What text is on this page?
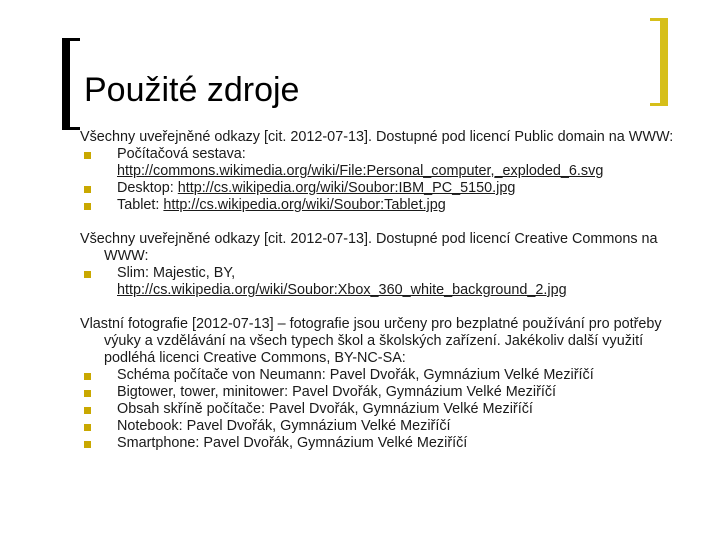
Použité zdroje

Všechny uveřejněné odkazy [cit. 2012-07-13]. Dostupné pod licencí Public domain na WWW:

Počítačová sestava:
http://commons.wikimedia.org/wiki/File:Personal_computer,_exploded_6.svg
Desktop: http://cs.wikipedia.org/wiki/Soubor:IBM_PC_5150.jpg
Tablet: http://cs.wikipedia.org/wiki/Soubor:Tablet.jpg

Všechny uveřejněné odkazy [cit. 2012-07-13]. Dostupné pod licencí Creative Commons na WWW:

Slim: Majestic, BY,
http://cs.wikipedia.org/wiki/Soubor:Xbox_360_white_background_2.jpg

Vlastní fotografie [2012-07-13] – fotografie jsou určeny pro bezplatné používání pro potřeby výuky a vzdělávání na všech typech škol a školských zařízení. Jakékoliv další využití podléhá licenci Creative Commons, BY-NC-SA:

Schéma počítače von Neumann: Pavel Dvořák, Gymnázium Velké Meziříčí
Bigtower, tower, minitower: Pavel Dvořák, Gymnázium Velké Meziříčí
Obsah skříně počítače: Pavel Dvořák, Gymnázium Velké Meziříčí
Notebook: Pavel Dvořák, Gymnázium Velké Meziříčí
Smartphone: Pavel Dvořák, Gymnázium Velké Meziříčí
